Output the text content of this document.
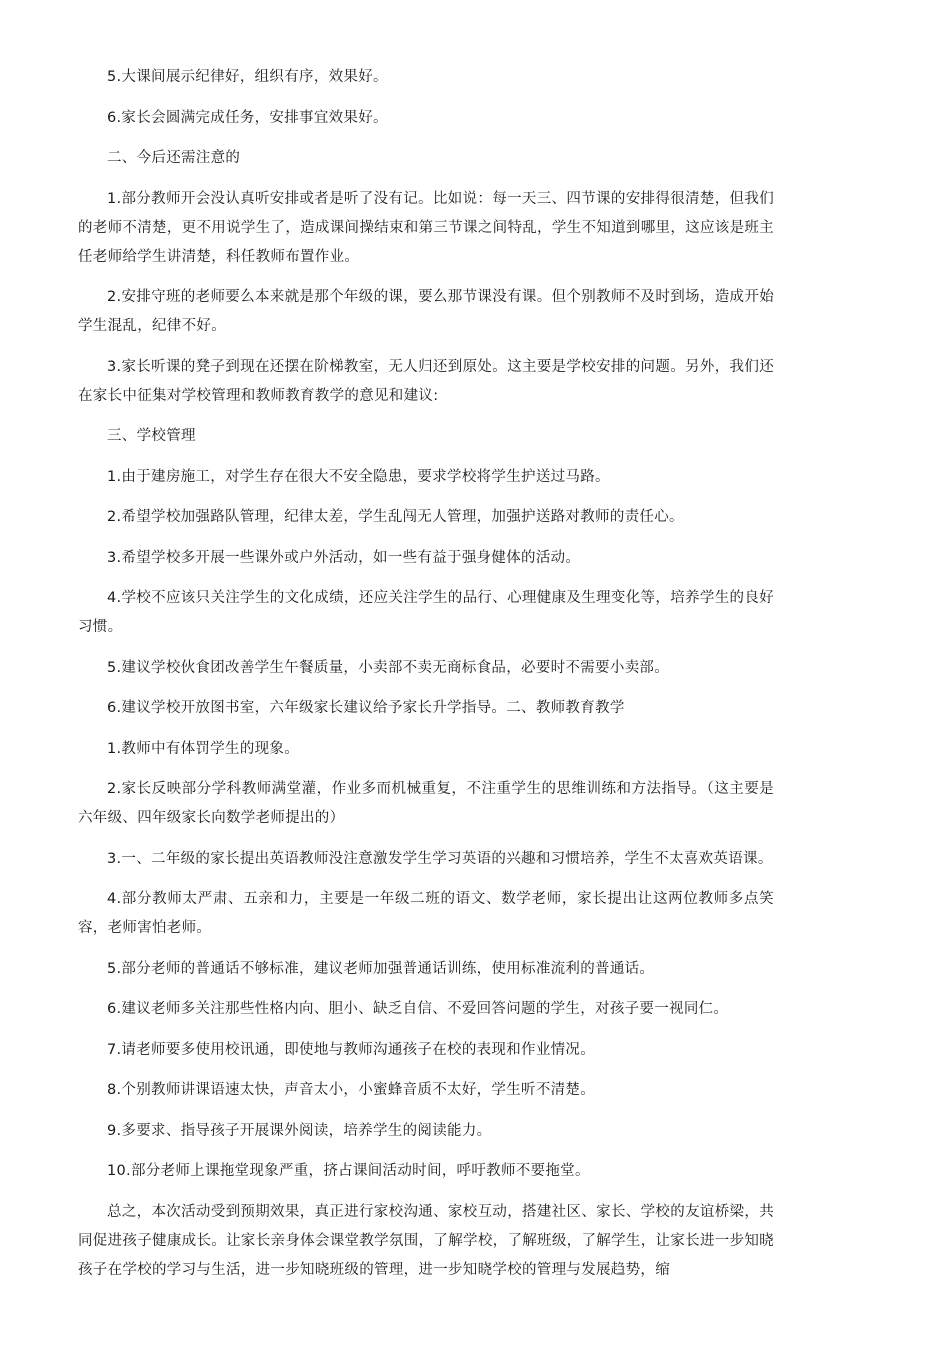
5.大课间展示纪律好，组织有序，效果好。

6.家长会圆满完成任务，安排事宜效果好。

二、今后还需注意的

1.部分教师开会没认真听安排或者是听了没有记。比如说：每一天三、四节课的安排得很清楚，但我们的老师不清楚，更不用说学生了，造成课间操结束和第三节课之间特乱，学生不知道到哪里，这应该是班主任老师给学生讲清楚，科任教师布置作业。

2.安排守班的老师要么本来就是那个年级的课，要么那节课没有课。但个别教师不及时到场，造成开始学生混乱，纪律不好。

3.家长听课的凳子到现在还摆在阶梯教室，无人归还到原处。这主要是学校安排的问题。另外，我们还在家长中征集对学校管理和教师教育教学的意见和建议:

三、学校管理

1.由于建房施工，对学生存在很大不安全隐患，要求学校将学生护送过马路。

2.希望学校加强路队管理，纪律太差，学生乱闯无人管理，加强护送路对教师的责任心。

3.希望学校多开展一些课外或户外活动，如一些有益于强身健体的活动。

4.学校不应该只关注学生的文化成绩，还应关注学生的品行、心理健康及生理变化等，培养学生的良好习惯。

5.建议学校伙食团改善学生午餐质量，小卖部不卖无商标食品，必要时不需要小卖部。

6.建议学校开放图书室，六年级家长建议给予家长升学指导。二、教师教育教学

1.教师中有体罚学生的现象。

2.家长反映部分学科教师满堂灌，作业多而机械重复，不注重学生的思维训练和方法指导。（这主要是六年级、四年级家长向数学老师提出的）

3.一、二年级的家长提出英语教师没注意激发学生学习英语的兴趣和习惯培养，学生不太喜欢英语课。

4.部分教师太严肃、五亲和力，主要是一年级二班的语文、数学老师，家长提出让这两位教师多点笑容，老师害怕老师。

5.部分老师的普通话不够标准，建议老师加强普通话训练，使用标准流利的普通话。

6.建议老师多关注那些性格内向、胆小、缺乏自信、不爱回答问题的学生，对孩子要一视同仁。

7.请老师要多使用校讯通，即使地与教师沟通孩子在校的表现和作业情况。

8.个别教师讲课语速太快，声音太小，小蜜蜂音质不太好，学生听不清楚。

9.多要求、指导孩子开展课外阅读，培养学生的阅读能力。

10.部分老师上课拖堂现象严重，挤占课间活动时间，呼吁教师不要拖堂。

总之，本次活动受到预期效果，真正进行家校沟通、家校互动，搭建社区、家长、学校的友谊桥梁，共同促进孩子健康成长。让家长亲身体会课堂教学氛围，了解学校，了解班级，了解学生，让家长进一步知晓孩子在学校的学习与生活，进一步知晓班级的管理，进一步知晓学校的管理与发展趋势，缩
